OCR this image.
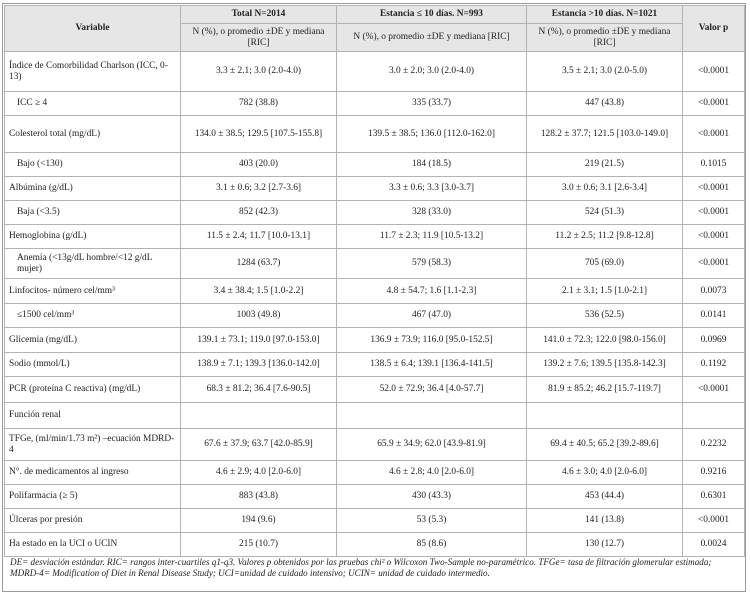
Variable	Total N=2014	Estancia ≤ 10 días. N=993	Estancia >10 días. N=1021	Valor p
	N (%), o promedio ±DE y mediana [RIC]	N (%), o promedio ±DE y mediana [RIC]	N (%), o promedio ±DE y mediana [RIC]	
Índice de Comorbilidad Charlson (ICC, 0-13)	3.3 ± 2.1; 3.0 (2.0-4.0)	3.0 ± 2.0; 3.0 (2.0-4.0)	3.5 ± 2.1; 3.0 (2.0-5.0)	<0.0001
ICC ≥ 4	782 (38.8)	335 (33.7)	447 (43.8)	<0.0001
Colesterol total (mg/dL)	134.0 ± 38.5; 129.5 [107.5-155.8]	139.5 ± 38.5; 136.0 [112.0-162.0]	128.2 ± 37.7; 121.5 [103.0-149.0]	<0.0001
Bajo (<130)	403 (20.0)	184 (18.5)	219 (21.5)	0.1015
Albúmina (g/dL)	3.1 ± 0.6; 3.2 [2.7-3.6]	3.3 ± 0.6; 3.3 [3.0-3.7]	3.0 ± 0.6; 3.1 [2.6-3.4]	<0.0001
Baja (<3.5)	852 (42.3)	328 (33.0)	524 (51.3)	<0.0001
Hemoglobina (g/dL)	11.5 ± 2.4; 11.7 [10.0-13.1]	11.7 ± 2.3; 11.9 [10.5-13.2]	11.2 ± 2.5; 11.2 [9.8-12.8]	<0.0001
Anemia (<13g/dL hombre/<12 g/dL mujer)	1284 (63.7)	579 (58.3)	705 (69.0)	<0.0001
Linfocitos- número cel/mm³	3.4 ± 38.4; 1.5 [1.0-2.2]	4.8 ± 54.7; 1.6 [1.1-2.3]	2.1 ± 3.1; 1.5 [1.0-2.1]	0.0073
≤1500 cel/mm³	1003 (49.8)	467 (47.0)	536 (52.5)	0.0141
Glicemia (mg/dL)	139.1 ± 73.1; 119.0 [97.0-153.0]	136.9 ± 73.9; 116.0 [95.0-152.5]	141.0 ± 72.3; 122.0 [98.0-156.0]	0.0969
Sodio (mmol/L)	138.9 ± 7.1; 139.3 [136.0-142.0]	138.5 ± 6.4; 139.1 [136.4-141.5]	139.2 ± 7.6; 139.5 [135.8-142.3]	0.1192
PCR (proteína C reactiva) (mg/dL)	68.3 ± 81.2; 36.4 [7.6-90.5]	52.0 ± 72.9; 36.4 [4.0-57.7]	81.9 ± 85.2; 46.2 [15.7-119.7]	<0.0001
Función renal				
TFGe, (ml/min/1.73 m²) –ecuación MDRD-4	67.6 ± 37.9; 63.7 [42.0-85.9]	65.9 ± 34.9; 62.0 [43.9-81.9]	69.4 ± 40.5; 65.2 [39.2-89.6]	0.2232
N°. de medicamentos al ingreso	4.6 ± 2.9; 4.0 [2.0-6.0]	4.6 ± 2.8; 4.0 [2.0-6.0]	4.6 ± 3.0; 4.0 [2.0-6.0]	0.9216
Polifarmacia (≥ 5)	883 (43.8)	430 (43.3)	453 (44.4)	0.6301
Úlceras por presión	194 (9.6)	53 (5.3)	141 (13.8)	<0.0001
Ha estado en la UCI o UCIN	215 (10.7)	85 (8.6)	130 (12.7)	0.0024
DE= desviación estándar. RIC= rangos inter-cuartiles q1-q3. Valores p obtenidos por las pruebas chi² o Wilcoxon Two-Sample no-paramétrico. TFGe= tasa de filtración glomerular estimada; MDRD-4= Modification of Diet in Renal Disease Study; UCI=unidad de cuidado intensivo; UCIN= unidad de cuidado intermedio.
